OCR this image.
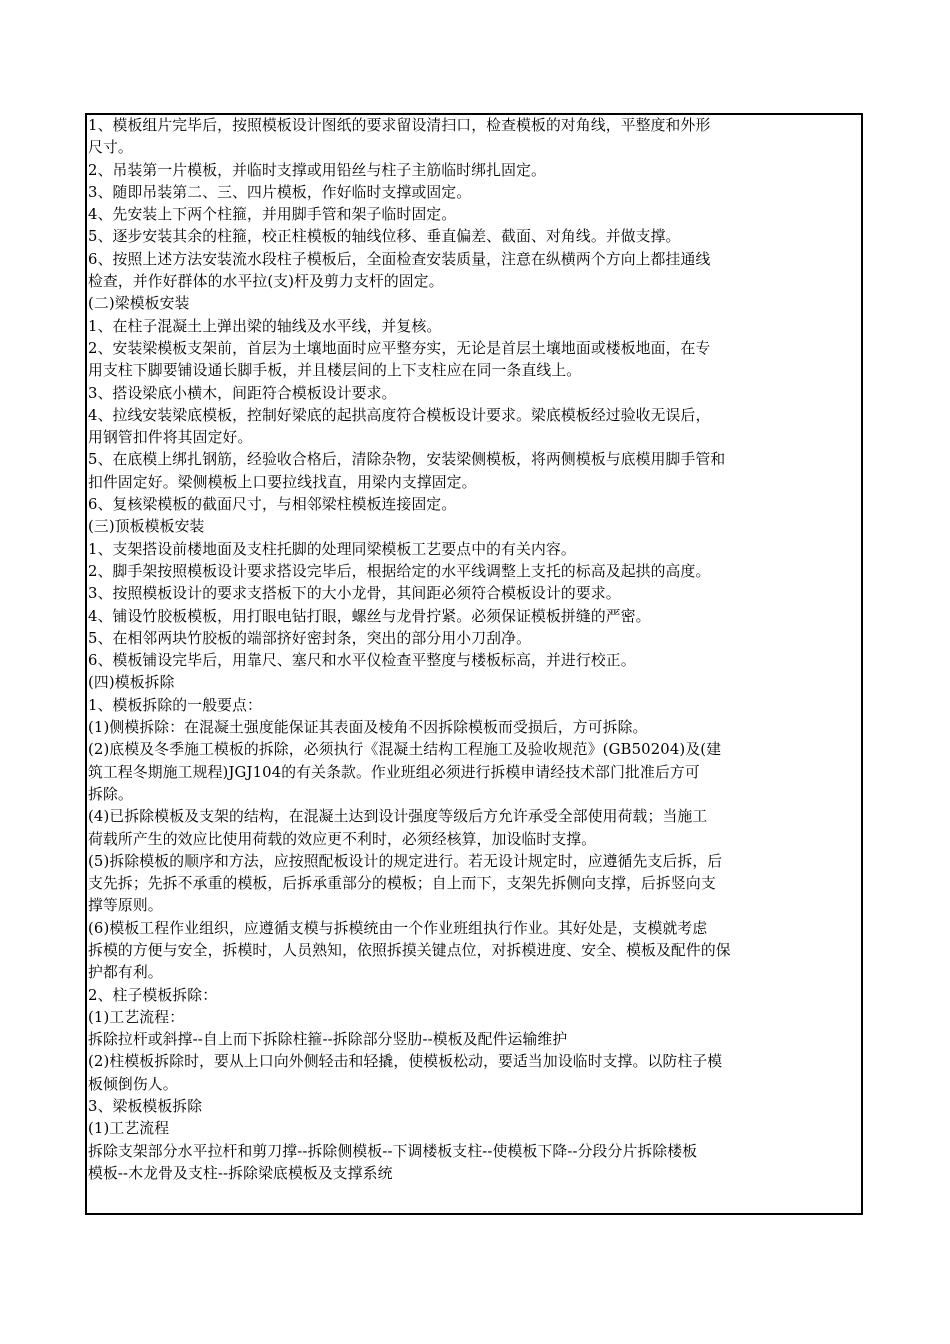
1、模板组片完毕后，按照模板设计图纸的要求留设清扫口，检查模板的对角线，平整度和外形
尺寸。
2、吊装第一片模板，并临时支撑或用铅丝与柱子主筋临时绑扎固定。
3、随即吊装第二、三、四片模板，作好临时支撑或固定。
4、先安装上下两个柱箍，并用脚手管和架子临时固定。
5、逐步安装其余的柱箍，校正柱模板的轴线位移、垂直偏差、截面、对角线。并做支撑。
6、按照上述方法安装流水段柱子模板后，全面检查安装质量，注意在纵横两个方向上都挂通线
检查，并作好群体的水平拉(支)杆及剪力支杆的固定。
(二)梁模板安装
1、在柱子混凝土上弹出梁的轴线及水平线，并复核。
2、安装梁模板支架前，首层为土壤地面时应平整夯实，无论是首层土壤地面或楼板地面，在专
用支柱下脚要铺设通长脚手板，并且楼层间的上下支柱应在同一条直线上。
3、搭设梁底小横木，间距符合模板设计要求。
4、拉线安装梁底模板，控制好梁底的起拱高度符合模板设计要求。梁底模板经过验收无误后，
用钢管扣件将其固定好。
5、在底模上绑扎钢筋，经验收合格后，清除杂物，安装梁侧模板，将两侧模板与底模用脚手管和
扣件固定好。梁侧模板上口要拉线找直，用梁内支撑固定。
6、复核梁模板的截面尺寸，与相邻梁柱模板连接固定。
(三)顶板模板安装
1、支架搭设前楼地面及支柱托脚的处理同梁模板工艺要点中的有关内容。
2、脚手架按照模板设计要求搭设完毕后，根据给定的水平线调整上支托的标高及起拱的高度。
3、按照模板设计的要求支搭板下的大小龙骨，其间距必须符合模板设计的要求。
4、铺设竹胶板模板，用打眼电钻打眼，螺丝与龙骨拧紧。必须保证模板拼缝的严密。
5、在相邻两块竹胶板的端部挤好密封条，突出的部分用小刀刮净。
6、模板铺设完毕后，用靠尺、塞尺和水平仪检查平整度与楼板标高，并进行校正。
(四)模板拆除
1、模板拆除的一般要点：
(1)侧模拆除：在混凝土强度能保证其表面及棱角不因拆除模板而受损后，方可拆除。
(2)底模及冬季施工模板的拆除，必须执行《混凝土结构工程施工及验收规范》(GB50204)及(建
筑工程冬期施工规程)JGJ104的有关条款。作业班组必须进行拆模申请经技术部门批准后方可
拆除。
(4)已拆除模板及支架的结构，在混凝土达到设计强度等级后方允许承受全部使用荷载；当施工
荷载所产生的效应比使用荷载的效应更不利时，必须经核算，加设临时支撑。
(5)拆除模板的顺序和方法，应按照配板设计的规定进行。若无设计规定时，应遵循先支后拆，后
支先拆；先拆不承重的模板，后拆承重部分的模板；自上而下，支架先拆侧向支撑，后拆竖向支
撑等原则。
(6)模板工程作业组织，应遵循支模与拆模统由一个作业班组执行作业。其好处是，支模就考虑
拆模的方便与安全，拆模时，人员熟知，依照拆摸关键点位，对拆模进度、安全、模板及配件的保
护都有利。
2、柱子模板拆除：
(1)工艺流程：
拆除拉杆或斜撑--自上而下拆除柱箍--拆除部分竖肋--模板及配件运输维护
(2)柱模板拆除时，要从上口向外侧轻击和轻撬，使模板松动，要适当加设临时支撑。以防柱子模
板倾倒伤人。
3、梁板模板拆除
(1)工艺流程
拆除支架部分水平拉杆和剪刀撑--拆除侧模板--下调楼板支柱--使模板下降--分段分片拆除楼板
模板--木龙骨及支柱--拆除梁底模板及支撑系统
